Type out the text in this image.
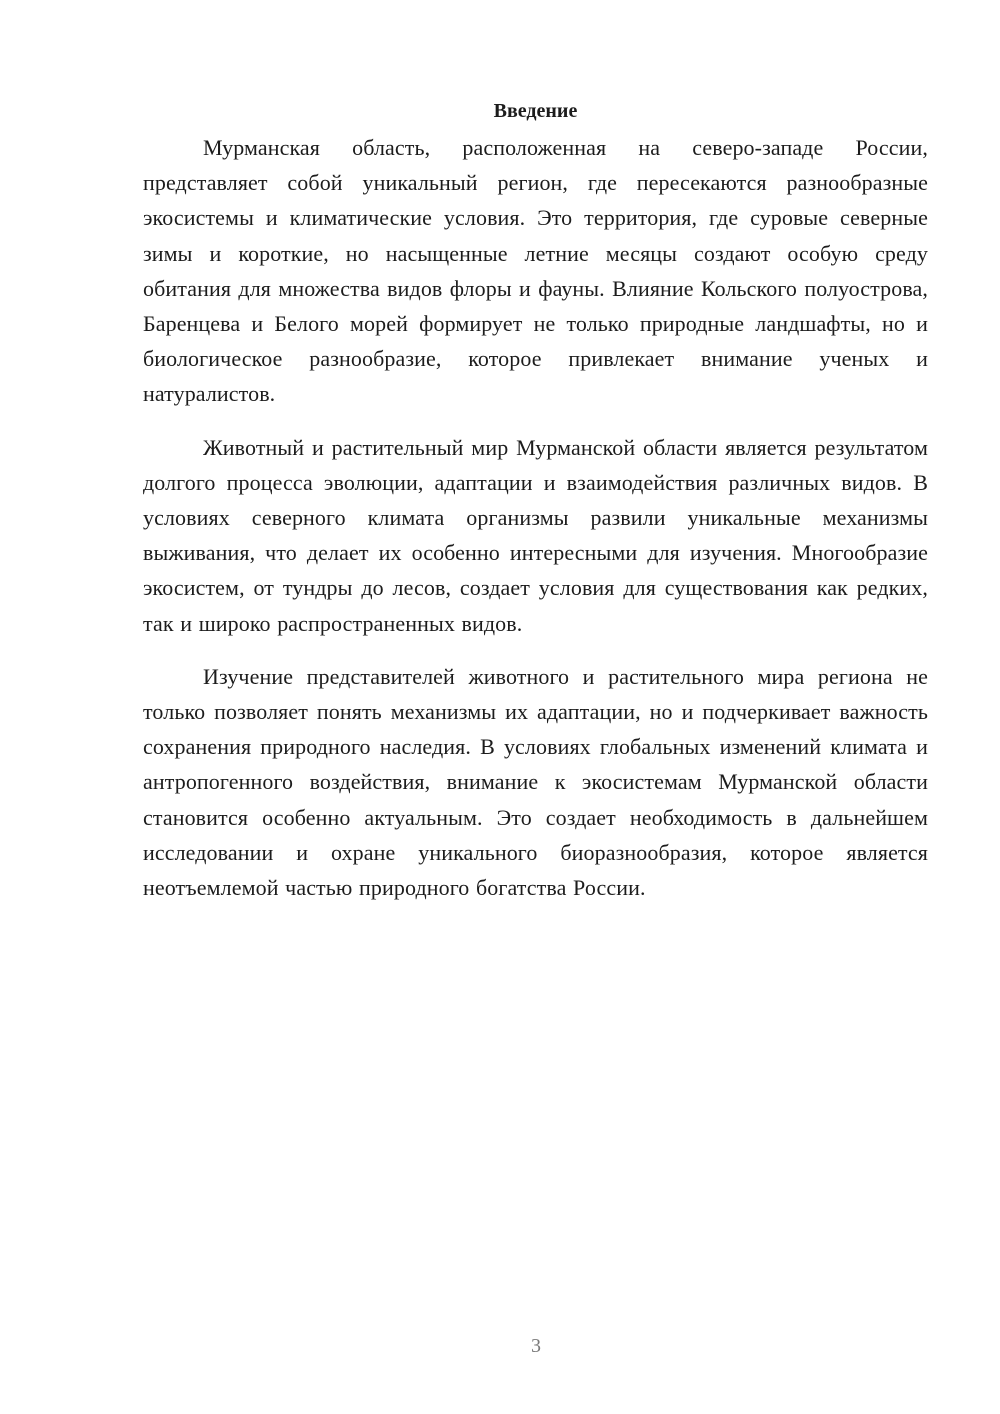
Введение

Мурманская область, расположенная на северо-западе России, представляет собой уникальный регион, где пересекаются разнообразные экосистемы и климатические условия. Это территория, где суровые северные зимы и короткие, но насыщенные летние месяцы создают особую среду обитания для множества видов флоры и фауны. Влияние Кольского полуострова, Баренцева и Белого морей формирует не только природные ландшафты, но и биологическое разнообразие, которое привлекает внимание ученых и натуралистов.

Животный и растительный мир Мурманской области является результатом долгого процесса эволюции, адаптации и взаимодействия различных видов. В условиях северного климата организмы развили уникальные механизмы выживания, что делает их особенно интересными для изучения. Многообразие экосистем, от тундры до лесов, создает условия для существования как редких, так и широко распространенных видов.

Изучение представителей животного и растительного мира региона не только позволяет понять механизмы их адаптации, но и подчеркивает важность сохранения природного наследия. В условиях глобальных изменений климата и антропогенного воздействия, внимание к экосистемам Мурманской области становится особенно актуальным. Это создает необходимость в дальнейшем исследовании и охране уникального биоразнообразия, которое является неотъемлемой частью природного богатства России.

3
